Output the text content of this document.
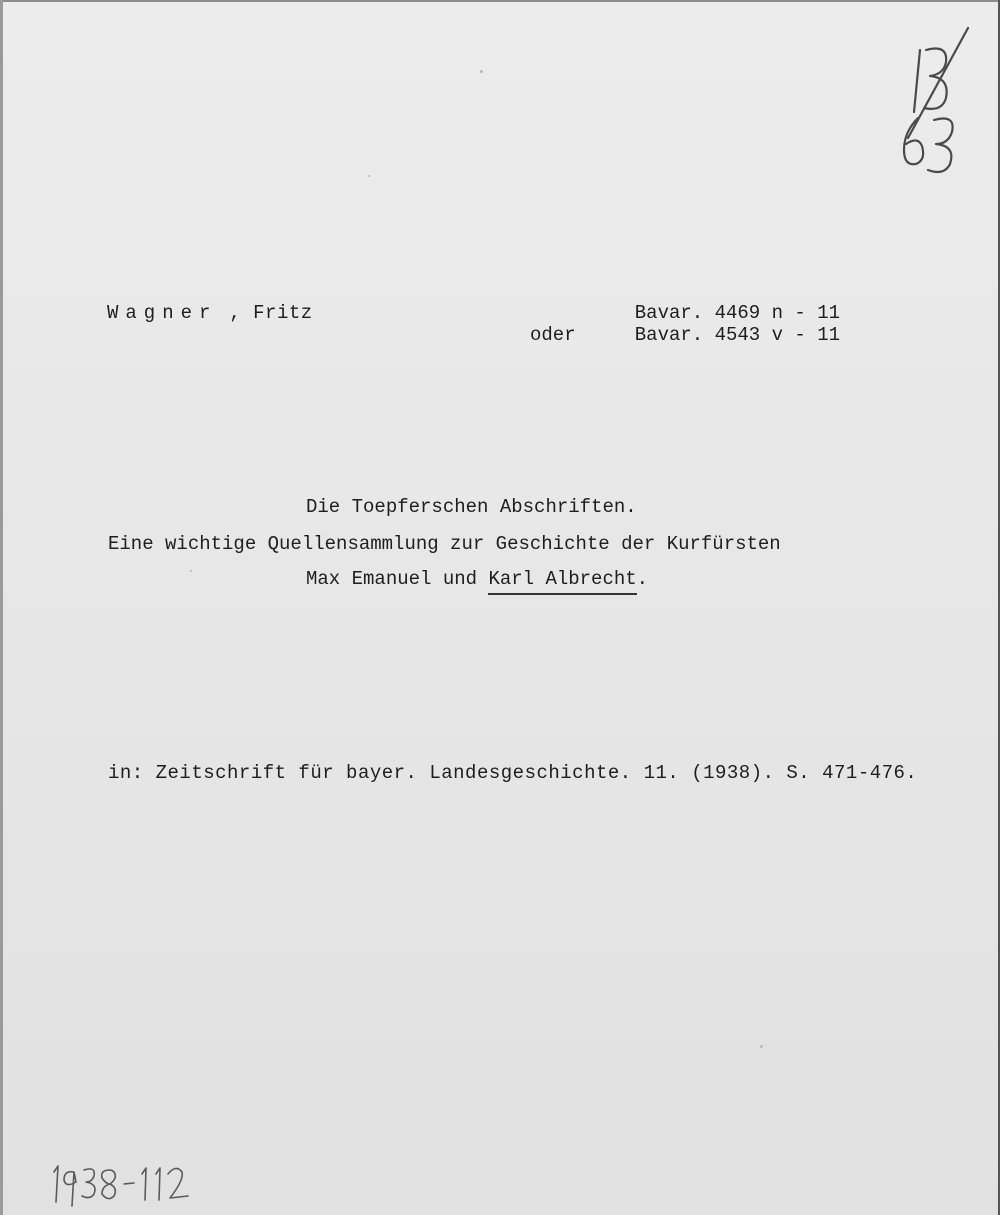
Wagner , Fritz

	Bavar. 4469 n - 11

oder

	Bavar. 4543 v - 11

Die Toepferschen Abschriften.
Eine wichtige Quellensammlung zur Geschichte der Kurfürsten
Max Emanuel und Karl Albrecht.
in: Zeitschrift für bayer. Landesgeschichte. 11. (1938). S. 471-476.
